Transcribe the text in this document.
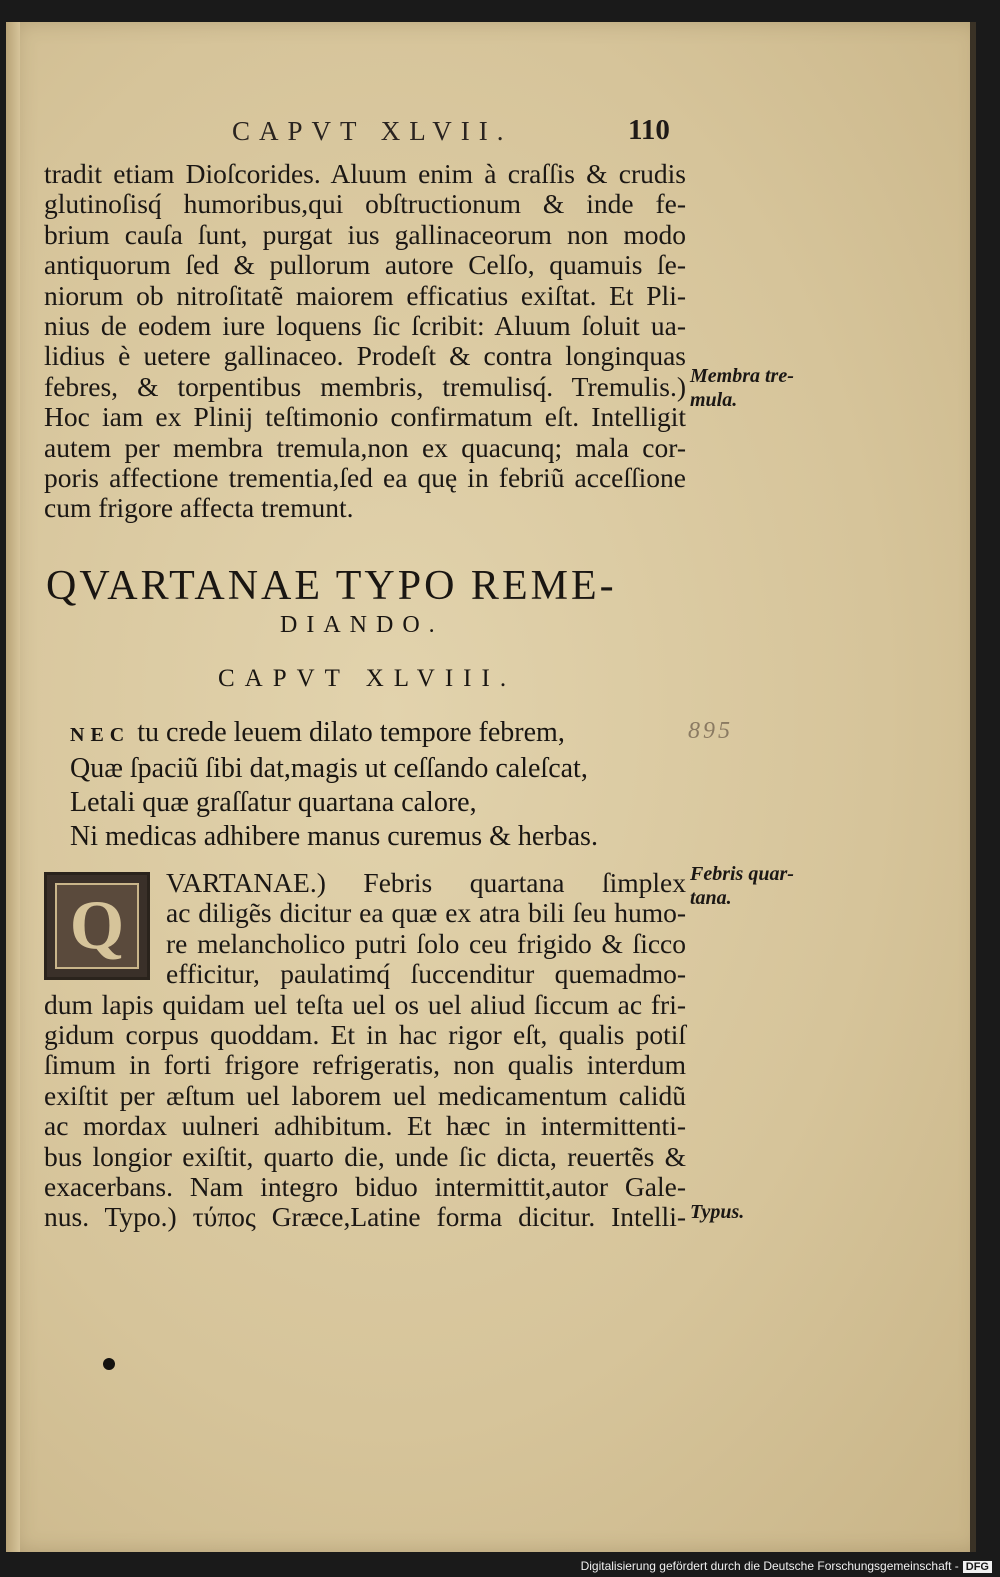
CAPVT XLVII.	110

tradit etiam Dioſcorides. Aluum enim à craſſis & crudis

glutinoſisq́ humoribus,qui obſtructionum & inde fe-

brium cauſa ſunt, purgat ius gallinaceorum non modo

antiquorum ſed & pullorum autore Celſo, quamuis ſe-

niorum ob nitroſitatẽ maiorem efficatius exiſtat. Et Pli-

nius de eodem iure loquens ſic ſcribit: Aluum ſoluit ua-

lidius è uetere gallinaceo. Prodeſt & contra longinquas

febres, & torpentibus membris, tremulisq́. Tremulis.)

Hoc iam ex Plinij teſtimonio confirmatum eſt. Intelligit

autem per membra tremula,non ex quacunq; mala cor-

poris affectione trementia,ſed ea quę in febriũ acceſſione

cum frigore affecta tremunt.

Membra tre-
mula.
QVARTANAE TYPO REME-
DIANDO.
CAPVT XLVIII.

NEC tu crede leuem dilato tempore febrem,

Quæ ſpaciũ ſibi dat,magis ut ceſſando caleſcat,

Letali quæ graſſatur quartana calore,

Ni medicas adhibere manus curemus & herbas.

895
Q

VARTANAE.) Febris quartana ſimplex

ac diligẽs dicitur ea quæ ex atra bili ſeu humo-

re melancholico putri ſolo ceu frigido & ſicco

efficitur, paulatimq́ ſuccenditur quemadmo-

dum lapis quidam uel teſta uel os uel aliud ſiccum ac fri-

gidum corpus quoddam. Et in hac rigor eſt, qualis potiſ

ſimum in forti frigore refrigeratis, non qualis interdum

exiſtit per æſtum uel laborem uel medicamentum calidũ

ac mordax uulneri adhibitum. Et hæc in intermittenti-

bus longior exiſtit, quarto die, unde ſic dicta, reuertẽs &

exacerbans. Nam integro biduo intermittit,autor Gale-

nus. Typo.) τύπος Græce,Latine forma dicitur. Intelli-

Febris quar-
tana.
Typus.
Digitalisierung gefördert durch die Deutsche Forschungsgemeinschaft - DFG
